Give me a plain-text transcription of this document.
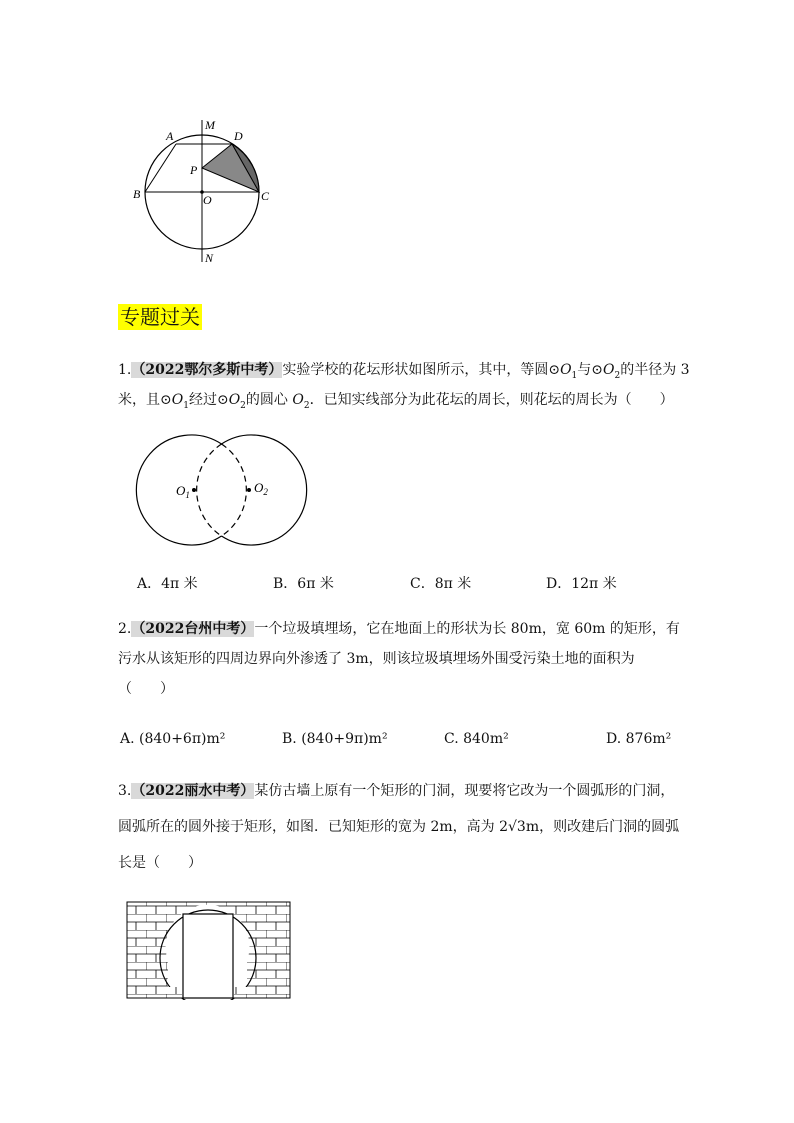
A
M
D
P
B	O	C
N
专题过关
1.（2022鄂尔多斯中考）实验学校的花坛形状如图所示，其中，等圆$⊙O_1$与$⊙O_2$的半径为 3
米，且$⊙O_1$经过$⊙O_2$的圆心 $O_2$．已知实线部分为此花坛的周长，则花坛的周长为（　　）
$O_1$	$O_2$
A．4π 米	B．6π 米	C．8π 米	D．12π 米
2.（2022台州中考）一个垃圾填埋场，它在地面上的形状为长 80m，宽 60m 的矩形，有
污水从该矩形的四周边界向外渗透了 3m，则该垃圾填埋场外围受污染土地的面积为
（　　）
A. (840+6π)m²	B. (840+9π)m²	C. 840m²	D. 876m²
3.（2022丽水中考）某仿古墙上原有一个矩形的门洞，现要将它改为一个圆弧形的门洞，
圆弧所在的圆外接于矩形，如图．已知矩形的宽为 2m，高为 2√3m，则改建后门洞的圆弧
长是（　　）
